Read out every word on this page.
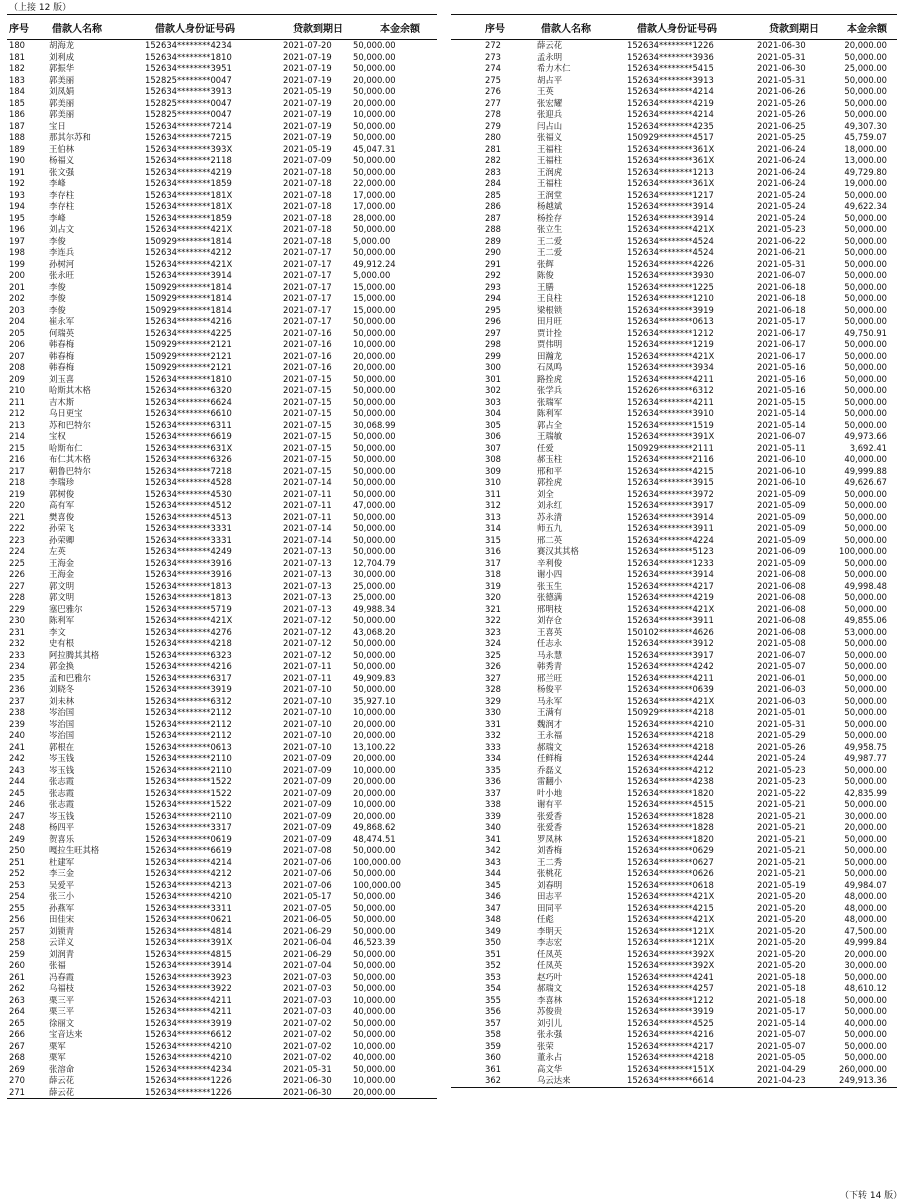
（上接 12 版）
序号 借款人名称	借款人身份证号码	贷款到期日	本金余额
180	胡海龙	152634********4234	2021-07-20	50,000.00
181	刘利成	152634********1810	2021-07-19	50,000.00
182	郭振华	152634********3951	2021-07-19	50,000.00
183	郭美丽	152825********0047	2021-07-19	20,000.00
184	刘凤娟	152634********3913	2021-05-19	50,000.00
185	郭美丽	152825********0047	2021-07-19	20,000.00
186	郭美丽	152825********0047	2021-07-19	10,000.00
187	宝日	152634********7214	2021-07-19	50,000.00
188	那其尔苏和	152634********7215	2021-07-19	50,000.00
189	王伯林	152634********393X	2021-05-19	45,047.31
190	杨福义	152634********2118	2021-07-09	50,000.00
191	张文强	152634********4219	2021-07-18	50,000.00
192	李峰	152634********1859	2021-07-18	22,000.00
193	李存柱	152634********181X	2021-07-18	17,000.00
194	李存柱	152634********181X	2021-07-18	17,000.00
195	李峰	152634********1859	2021-07-18	28,000.00
196	刘占文	152634********421X	2021-07-18	50,000.00
197	李俊	150929********1814	2021-07-18	5,000.00
198	李连兵	152634********4212	2021-07-17	50,000.00
199	孙树河	152634********421X	2021-07-17	49,912.24
200	张永旺	152634********3914	2021-07-17	5,000.00
201	李俊	150929********1814	2021-07-17	15,000.00
202	李俊	150929********1814	2021-07-17	15,000.00
203	李俊	150929********1814	2021-07-17	15,000.00
204	崔永军	152634********4216	2021-07-17	50,000.00
205	何瑞英	152634********4225	2021-07-16	50,000.00
206	韩春梅	150929********2121	2021-07-16	10,000.00
207	韩春梅	150929********2121	2021-07-16	20,000.00
208	韩春梅	150929********2121	2021-07-16	20,000.00
209	刘玉喜	152634********1810	2021-07-15	50,000.00
210	哈斯其木格	152634********6320	2021-07-15	50,000.00
211	吉木斯	152634********6624	2021-07-15	50,000.00
212	乌日更宝	152634********6610	2021-07-15	50,000.00
213	苏和巴特尔	152634********6311	2021-07-15	30,068.99
214	宝权	152634********6619	2021-07-15	50,000.00
215	哈斯布仁	152634********631X	2021-07-15	50,000.00
216	布仁其木格	152634********6326	2021-07-15	50,000.00
217	朝鲁巴特尔	152634********7218	2021-07-15	50,000.00
218	李瑞珍	152634********4528	2021-07-14	50,000.00
219	郭树俊	152634********4530	2021-07-11	50,000.00
220	高有军	152634********4512	2021-07-11	47,000.00
221	樊喜俊	152634********4513	2021-07-11	50,000.00
222	孙荣飞	152634********3331	2021-07-14	50,000.00
223	孙荣卿	152634********3331	2021-07-14	50,000.00
224	左英	152634********4249	2021-07-13	50,000.00
225	王海金	152634********3916	2021-07-13	12,704.79
226	王海金	152634********3916	2021-07-13	30,000.00
227	郭文明	152634********1813	2021-07-13	25,000.00
228	郭文明	152634********1813	2021-07-13	25,000.00
229	塞巴雅尔	152634********5719	2021-07-13	49,988.34
230	陈利军	152634********421X	2021-07-12	50,000.00
231	李文	152634********4276	2021-07-12	43,068.20
232	史有根	152634********4218	2021-07-12	50,000.00
233	阿拉腾其其格	152634********6323	2021-07-12	50,000.00
234	郭金换	152634********4216	2021-07-11	50,000.00
235	孟和巴雅尔	152634********6317	2021-07-11	49,909.83
236	刘晓冬	152634********3919	2021-07-10	50,000.00
237	刘未林	152634********6312	2021-07-10	35,927.10
238	岑治国	152634********2112	2021-07-10	10,000.00
239	岑治国	152634********2112	2021-07-10	20,000.00
240	岑治国	152634********2112	2021-07-10	20,000.00
241	郭根在	152634********0613	2021-07-10	13,100.22
242	岑玉钱	152634********2110	2021-07-09	20,000.00
243	岑玉钱	152634********2110	2021-07-09	10,000.00
244	张志霞	152634********1522	2021-07-09	20,000.00
245	张志霞	152634********1522	2021-07-09	20,000.00
246	张志霞	152634********1522	2021-07-09	10,000.00
247	岑玉钱	152634********2110	2021-07-09	20,000.00
248	杨四平	152634********3317	2021-07-09	49,868.62
249	贺喜乐	152634********0619	2021-07-09	48,474.51
250	嘎拉生旺其格	152634********6619	2021-07-08	50,000.00
251	杜建军	152634********4214	2021-07-06	100,000.00
252	李三金	152634********4212	2021-07-06	50,000.00
253	吴爱平	152634********4213	2021-07-06	100,000.00
254	张三小	152634********4210	2021-05-17	50,000.00
255	孙燕军	152634********3311	2021-07-05	50,000.00
256	田佳宋	152634********0621	2021-06-05	50,000.00
257	刘锁青	152634********4814	2021-06-29	50,000.00
258	云详义	152634********391X	2021-06-04	46,523.39
259	刘润青	152634********4815	2021-06-29	50,000.00
260	张福	152634********3914	2021-07-04	50,000.00
261	冯春霞	152634********3923	2021-07-03	50,000.00
262	乌福枝	152634********3922	2021-07-03	50,000.00
263	栗三平	152634********4211	2021-07-03	10,000.00
264	栗三平	152634********4211	2021-07-03	40,000.00
265	徐丽文	152634********3919	2021-07-02	50,000.00
266	宝音达来	152634********6612	2021-07-02	50,000.00
267	栗军	152634********4210	2021-07-02	10,000.00
268	栗军	152634********4210	2021-07-02	40,000.00
269	张溶命	152634********4234	2021-05-31	50,000.00
270	薛云花	152634********1226	2021-06-30	10,000.00
271	薛云花	152634********1226	2021-06-30	20,000.00
序号	借款人名称	借款人身份证号码	贷款到期日	本金余额
272	薛云花	152634********1226	2021-06-30	20,000.00
273	孟永明	152634********3936	2021-05-31	50,000.00
274	希力木仁	152634********5415	2021-06-30	25,000.00
275	胡占平	152634********3913	2021-05-31	50,000.00
276	王英	152634********4214	2021-06-26	50,000.00
277	张宏耀	152634********4219	2021-05-26	50,000.00
278	张迎兵	152634********4214	2021-05-26	50,000.00
279	闫占山	152634********4235	2021-06-25	49,307.30
280	张福义	150929********4517	2021-05-25	45,759.07
281	王福柱	152634********361X	2021-06-24	18,000.00
282	王福柱	152634********361X	2021-06-24	13,000.00
283	王润虎	152634********1213	2021-06-24	49,729.80
284	王福柱	152634********361X	2021-06-24	19,000.00
285	王润堂	152634********1217	2021-05-24	50,000.00
286	杨越斌	152634********3914	2021-05-24	49,622.34
287	杨拴存	152634********3914	2021-05-24	50,000.00
288	张立生	152634********421X	2021-05-23	50,000.00
289	王二爱	152634********4524	2021-06-22	50,000.00
290	王二爱	152634********4524	2021-06-21	50,000.00
291	张辉	152634********4226	2021-05-31	50,000.00
292	陈俊	152634********3930	2021-06-07	50,000.00
293	王膳	152634********1225	2021-06-18	50,000.00
294	王良柱	152634********1210	2021-06-18	50,000.00
295	梁根锁	152634********3919	2021-06-18	50,000.00
296	田月旺	152634********0613	2021-05-17	50,000.00
297	贾计拴	152634********1212	2021-06-17	49,750.91
298	贾伟明	152634********1219	2021-06-17	50,000.00
299	田瀚龙	152634********421X	2021-06-17	50,000.00
300	石凤鸣	152634********3934	2021-05-16	50,000.00
301	路拴虎	152634********4211	2021-05-16	50,000.00
302	张学兵	152626********6312	2021-05-16	50,000.00
303	张瑞军	152634********4211	2021-05-15	50,000.00
304	陈利军	152634********3910	2021-05-14	50,000.00
305	郭占全	152634********1519	2021-05-14	50,000.00
306	王瑞敏	152634********391X	2021-06-07	49,973.66
307	任爱	150929********2111	2021-05-11	3,692.41
308	郝玉柱	152634********2116	2021-06-10	40,000.00
309	邢和平	152634********4215	2021-06-10	49,999.88
310	郭拴虎	152634********3915	2021-06-10	49,626.67
311	刘全	152634********3972	2021-05-09	50,000.00
312	刘永红	152634********3917	2021-05-09	50,000.00
313	苏永清	152634********3914	2021-05-09	50,000.00
314	师五九	152634********3911	2021-05-09	50,000.00
315	邢二英	152634********4224	2021-05-09	50,000.00
316	赛汉其其格	152634********5123	2021-06-09	100,000.00
317	辛利俊	152634********1233	2021-05-09	50,000.00
318	谢小四	152634********3914	2021-06-08	50,000.00
319	张玉生	152634********4217	2021-06-08	49,998.48
320	张德满	152634********4219	2021-06-08	50,000.00
321	邢明枝	152634********421X	2021-06-08	50,000.00
322	刘存仓	152634********3911	2021-06-08	49,855.06
323	王喜英	150102********4626	2021-06-08	53,000.00
324	任志永	152634********3912	2021-05-08	50,000.00
325	马永慧	152634********3917	2021-06-07	50,000.00
326	韩秀青	152634********4242	2021-05-07	50,000.00
327	邢兰旺	152634********4211	2021-06-01	50,000.00
328	杨俊平	152634********0639	2021-06-03	50,000.00
329	马永军	152634********421X	2021-06-03	50,000.00
330	王满有	150929********4218	2021-05-01	50,000.00
331	魏润才	152634********4210	2021-05-31	50,000.00
332	王永福	152634********4218	2021-05-29	50,000.00
333	郝瑞文	152634********4218	2021-05-26	49,958.75
334	任鲜梅	152634********4244	2021-05-24	49,987.77
335	乔磊义	152634********4212	2021-05-23	50,000.00
336	雷翻小	152634********4238	2021-05-23	50,000.00
337	叶小地	152634********1820	2021-05-22	42,835.99
338	谢有平	152634********4515	2021-05-21	50,000.00
339	张爱香	152634********1828	2021-05-21	30,000.00
340	张爱香	152634********1828	2021-05-21	20,000.00
341	罗凤林	152634********1820	2021-05-21	50,000.00
342	刘香梅	152634********0629	2021-05-21	50,000.00
343	王二秀	152634********0627	2021-05-21	50,000.00
344	张桃花	152634********0626	2021-05-21	50,000.00
345	刘春明	152634********0618	2021-05-19	49,984.07
346	田志平	152634********421X	2021-05-20	48,000.00
347	田同平	152634********4215	2021-05-20	48,000.00
348	任彪	152634********421X	2021-05-20	48,000.00
349	李明天	152634********121X	2021-05-20	47,500.00
350	李志宏	152634********121X	2021-05-20	49,999.84
351	任凤英	152634********392X	2021-05-20	20,000.00
352	任凤英	152634********392X	2021-05-20	30,000.00
353	赵巧叶	152634********4241	2021-05-18	50,000.00
354	郝瑞文	152634********4257	2021-05-18	48,610.12
355	李喜林	152634********1212	2021-05-18	50,000.00
356	苏俊贵	152634********3919	2021-05-17	50,000.00
357	刘引儿	152634********4525	2021-05-14	40,000.00
358	张永强	152634********4216	2021-05-07	50,000.00
359	张荣	152634********4217	2021-05-07	50,000.00
360	董永占	152634********4218	2021-05-05	50,000.00
361	高文华	152634********151X	2021-04-29	260,000.00
362	乌云达来	152634********6614	2021-04-23	249,913.36
（下转 14 版）
